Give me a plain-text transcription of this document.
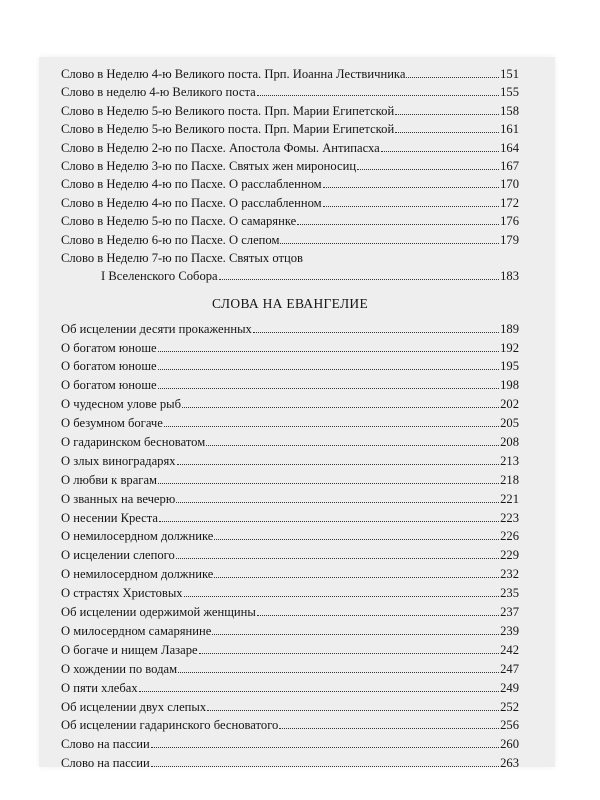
Слово в Неделю 4-ю Великого поста. Прп. Иоанна Лествичника	151
Слово в неделю 4-ю Великого поста	155
Слово в Неделю 5-ю Великого поста. Прп. Марии Египетской	158
Слово в Неделю 5-ю Великого поста. Прп. Марии Египетской	161
Слово в Неделю 2-ю по Пасхе. Апостола Фомы. Антипасха	164
Слово в Неделю 3-ю по Пасхе. Святых жен мироносиц	167
Слово в Неделю 4-ю по Пасхе. О расслабленном	170
Слово в Неделю 4-ю по Пасхе. О расслабленном	172
Слово в Неделю 5-ю по Пасхе. О самарянке	176
Слово в Неделю 6-ю по Пасхе. О слепом	179
Слово в Неделю 7-ю по Пасхе. Святых отцов
I Вселенского Собора	183
СЛОВА НА ЕВАНГЕЛИЕ
Об исцелении десяти прокаженных	189
О богатом юноше	192
О богатом юноше	195
О богатом юноше	198
О чудесном улове рыб	202
О безумном богаче	205
О гадаринском бесноватом	208
О злых виноградарях	213
О любви к врагам	218
О званных на вечерю	221
О несении Креста	223
О немилосердном должнике	226
О исцелении слепого	229
О немилосердном должнике	232
О страстях Христовых	235
Об исцелении одержимой женщины	237
О милосердном самарянине	239
О богаче и нищем Лазаре	242
О хождении по водам	247
О пяти хлебах	249
Об исцелении двух слепых	252
Об исцелении гадаринского бесноватого	256
Слово на пассии	260
Слово на пассии	263
